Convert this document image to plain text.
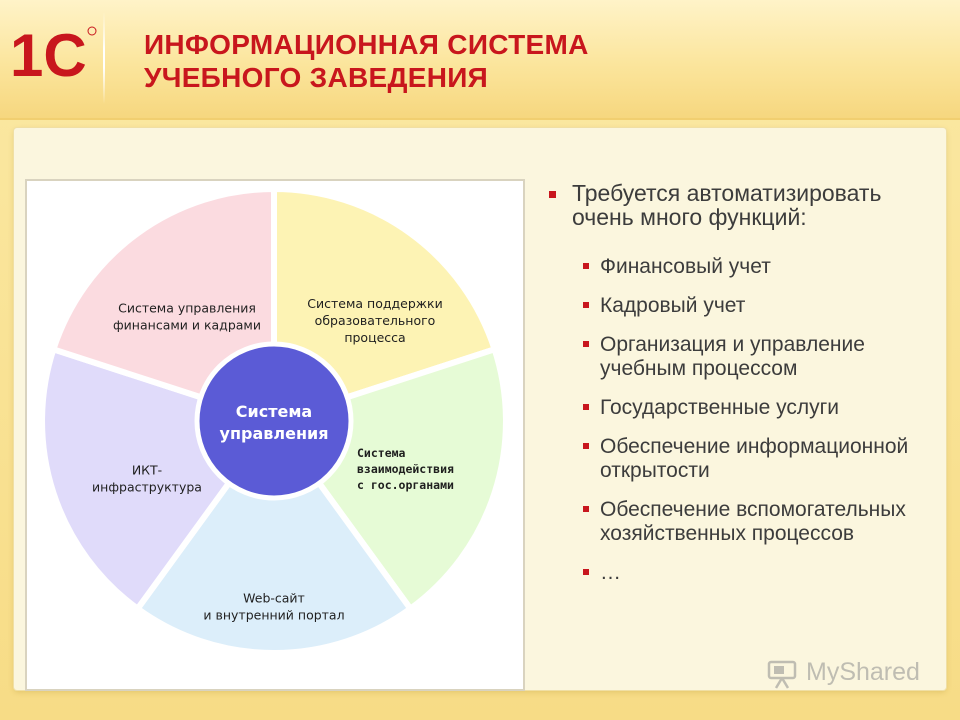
1С ИНФОРМАЦИОННАЯ СИСТЕМА
УЧЕБНОГО ЗАВЕДЕНИЯ
Система поддержки
образовательного
процесса
Система
взаимодействия
с гос.органами
Web-сайт
и внутренний портал
ИКТ-
инфраструктура
Система управления
финансами и кадрами
Система
управления
Требуется автоматизировать очень много функций:
Финансовый учет
Кадровый учет
Организация и управление учебным процессом
Государственные услуги
Обеспечение информационной открытости
Обеспечение вспомогательных хозяйственных процессов
…
MyShared
